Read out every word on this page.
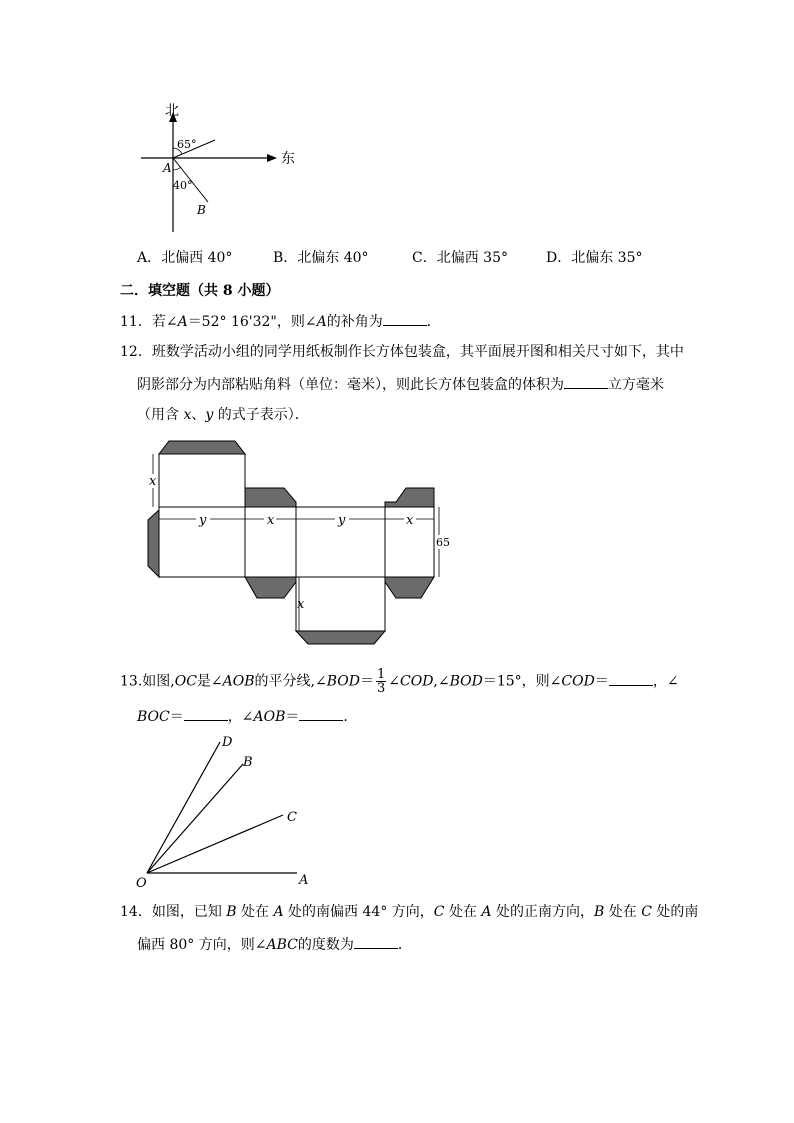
北
东
65°
40°
A
B
A．北偏西 40°	B．北偏东 40°	C．北偏西 35°	D．北偏东 35°
二．填空题（共 8 小题）
11．若∠A＝52° 16'32"，则∠A的补角为	．
12．班数学活动小组的同学用纸板制作长方体包装盒，其平面展开图和相关尺寸如下，其中
阴影部分为内部粘贴角料（单位：毫米），则此长方体包装盒的体积为	立方毫米
（用含 x、y 的式子表示）．
y	x	y	x
x
65
x
13.如图,OC是∠AOB的平分线,∠BOD＝ $\frac{1}{3}$ ∠COD,∠BOD＝15°，则∠COD＝	，∠
BOC＝	，∠AOB＝	．
D
B
C
O	A
14．如图，已知 B 处在 A 处的南偏西 44° 方向，C 处在 A 处的正南方向，B 处在 C 处的南
偏西 80° 方向，则∠ABC的度数为	．
